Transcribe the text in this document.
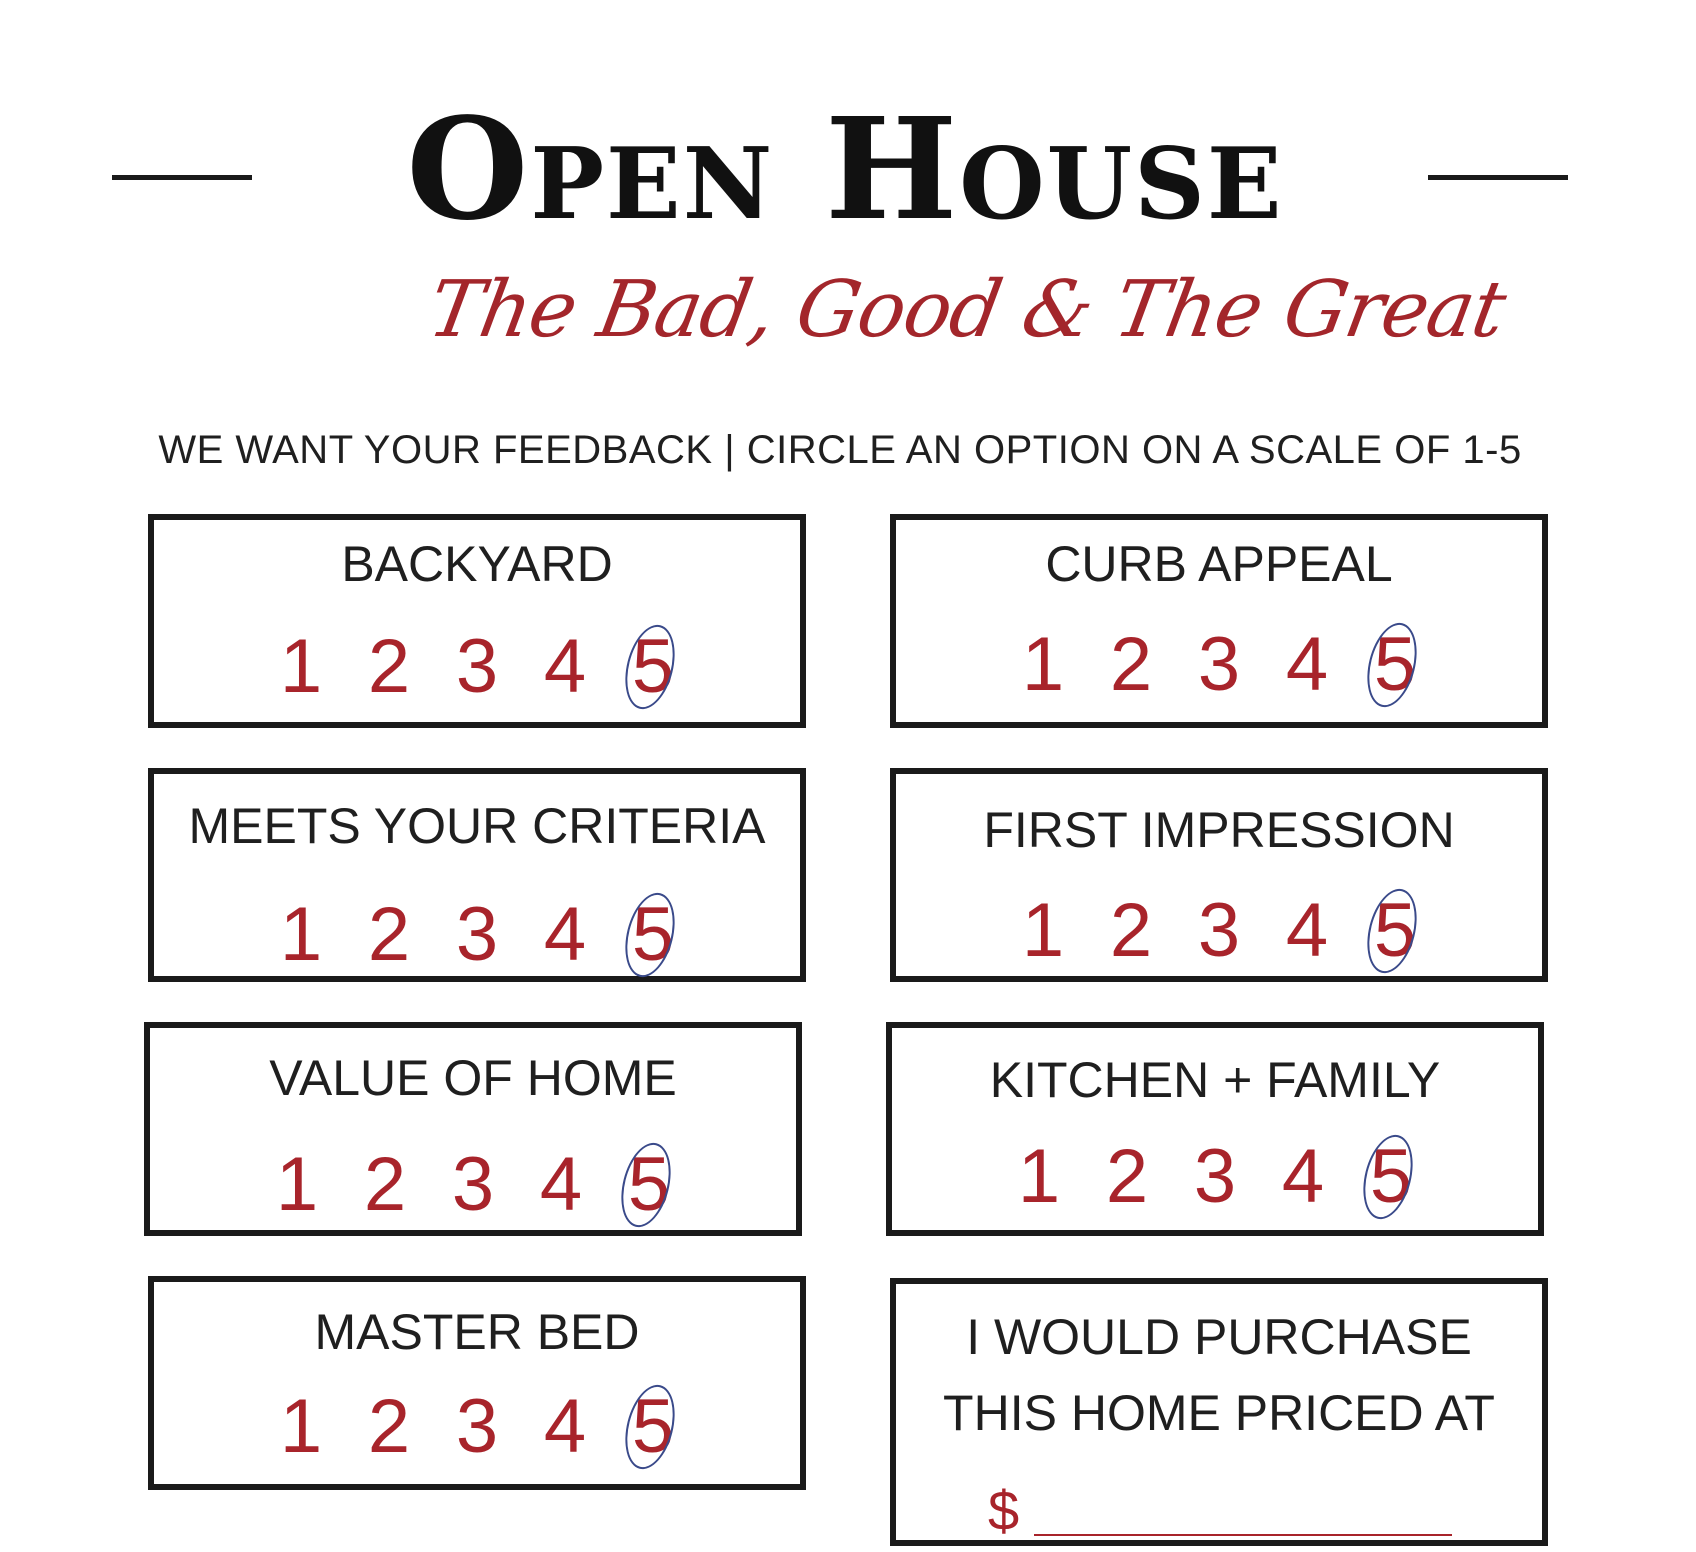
Open House
The Bad, Good & The Great
WE WANT YOUR FEEDBACK | CIRCLE AN OPTION ON A SCALE OF 1-5
BACKYARD
1 2 3 4 5
CURB APPEAL
1 2 3 4 5
MEETS YOUR CRITERIA
1 2 3 4 5
FIRST IMPRESSION
1 2 3 4 5
VALUE OF HOME
1 2 3 4 5
KITCHEN + FAMILY
1 2 3 4 5
MASTER BED
1 2 3 4 5
I WOULD PURCHASE
THIS HOME PRICED AT
$
